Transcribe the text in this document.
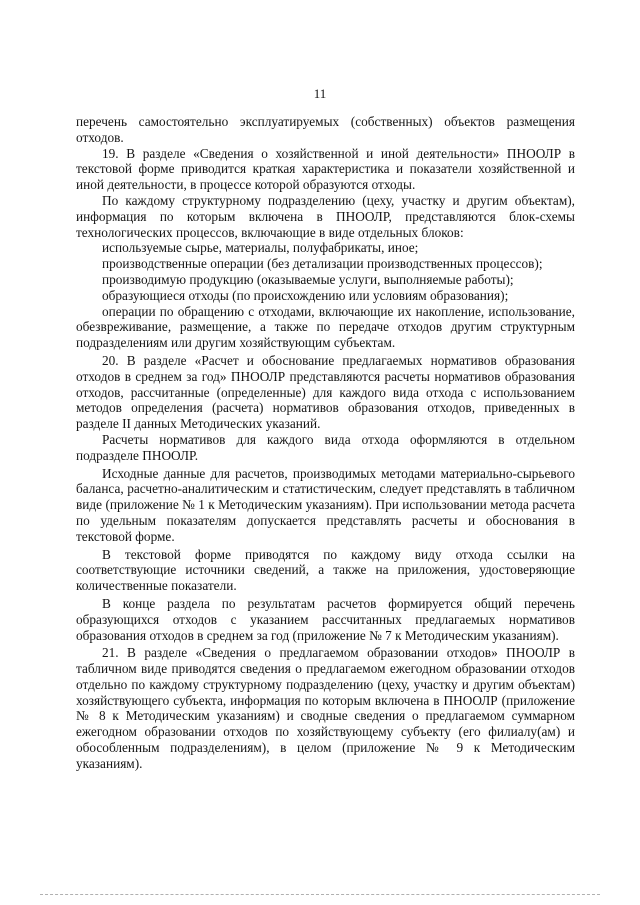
11

перечень самостоятельно эксплуатируемых (собственных) объектов размещения отходов.

19. В разделе «Сведения о хозяйственной и иной деятельности» ПНООЛР в текстовой форме приводится краткая характеристика и показатели хозяйственной и иной деятельности, в процессе которой образуются отходы.

По каждому структурному подразделению (цеху, участку и другим объектам), информация по которым включена в ПНООЛР, представляются блок-схемы технологических процессов, включающие в виде отдельных блоков:

используемые сырье, материалы, полуфабрикаты, иное;

производственные операции (без детализации производственных процессов);

производимую продукцию (оказываемые услуги, выполняемые работы);

образующиеся отходы (по происхождению или условиям образования);

операции по обращению с отходами, включающие их накопление, использование, обезвреживание, размещение, а также по передаче отходов другим структурным подразделениям или другим хозяйствующим субъектам.

20. В разделе «Расчет и обоснование предлагаемых нормативов образования отходов в среднем за год» ПНООЛР представляются расчеты нормативов образования отходов, рассчитанные (определенные) для каждого вида отхода с использованием методов определения (расчета) нормативов образования отходов, приведенных в разделе II данных Методических указаний.

Расчеты нормативов для каждого вида отхода оформляются в отдельном подразделе ПНООЛР.

Исходные данные для расчетов, производимых методами материально-сырьевого баланса, расчетно-аналитическим и статистическим, следует представлять в табличном виде (приложение № 1 к Методическим указаниям). При использовании метода расчета по удельным показателям допускается представлять расчеты и обоснования в текстовой форме.

В текстовой форме приводятся по каждому виду отхода ссылки на соответствующие источники сведений, а также на приложения, удостоверяющие количественные показатели.

В конце раздела по результатам расчетов формируется общий перечень образующихся отходов с указанием рассчитанных предлагаемых нормативов образования отходов в среднем за год (приложение № 7 к Методическим указаниям).

21. В разделе «Сведения о предлагаемом образовании отходов» ПНООЛР в табличном виде приводятся сведения о предлагаемом ежегодном образовании отходов отдельно по каждому структурному подразделению (цеху, участку и другим объектам) хозяйствующего субъекта, информация по которым включена в ПНООЛР (приложение № 8 к Методическим указаниям) и сводные сведения о предлагаемом суммарном ежегодном образовании отходов по хозяйствующему субъекту (его филиалу(ам) и обособленным подразделениям), в целом (приложение № 9 к Методическим указаниям).
